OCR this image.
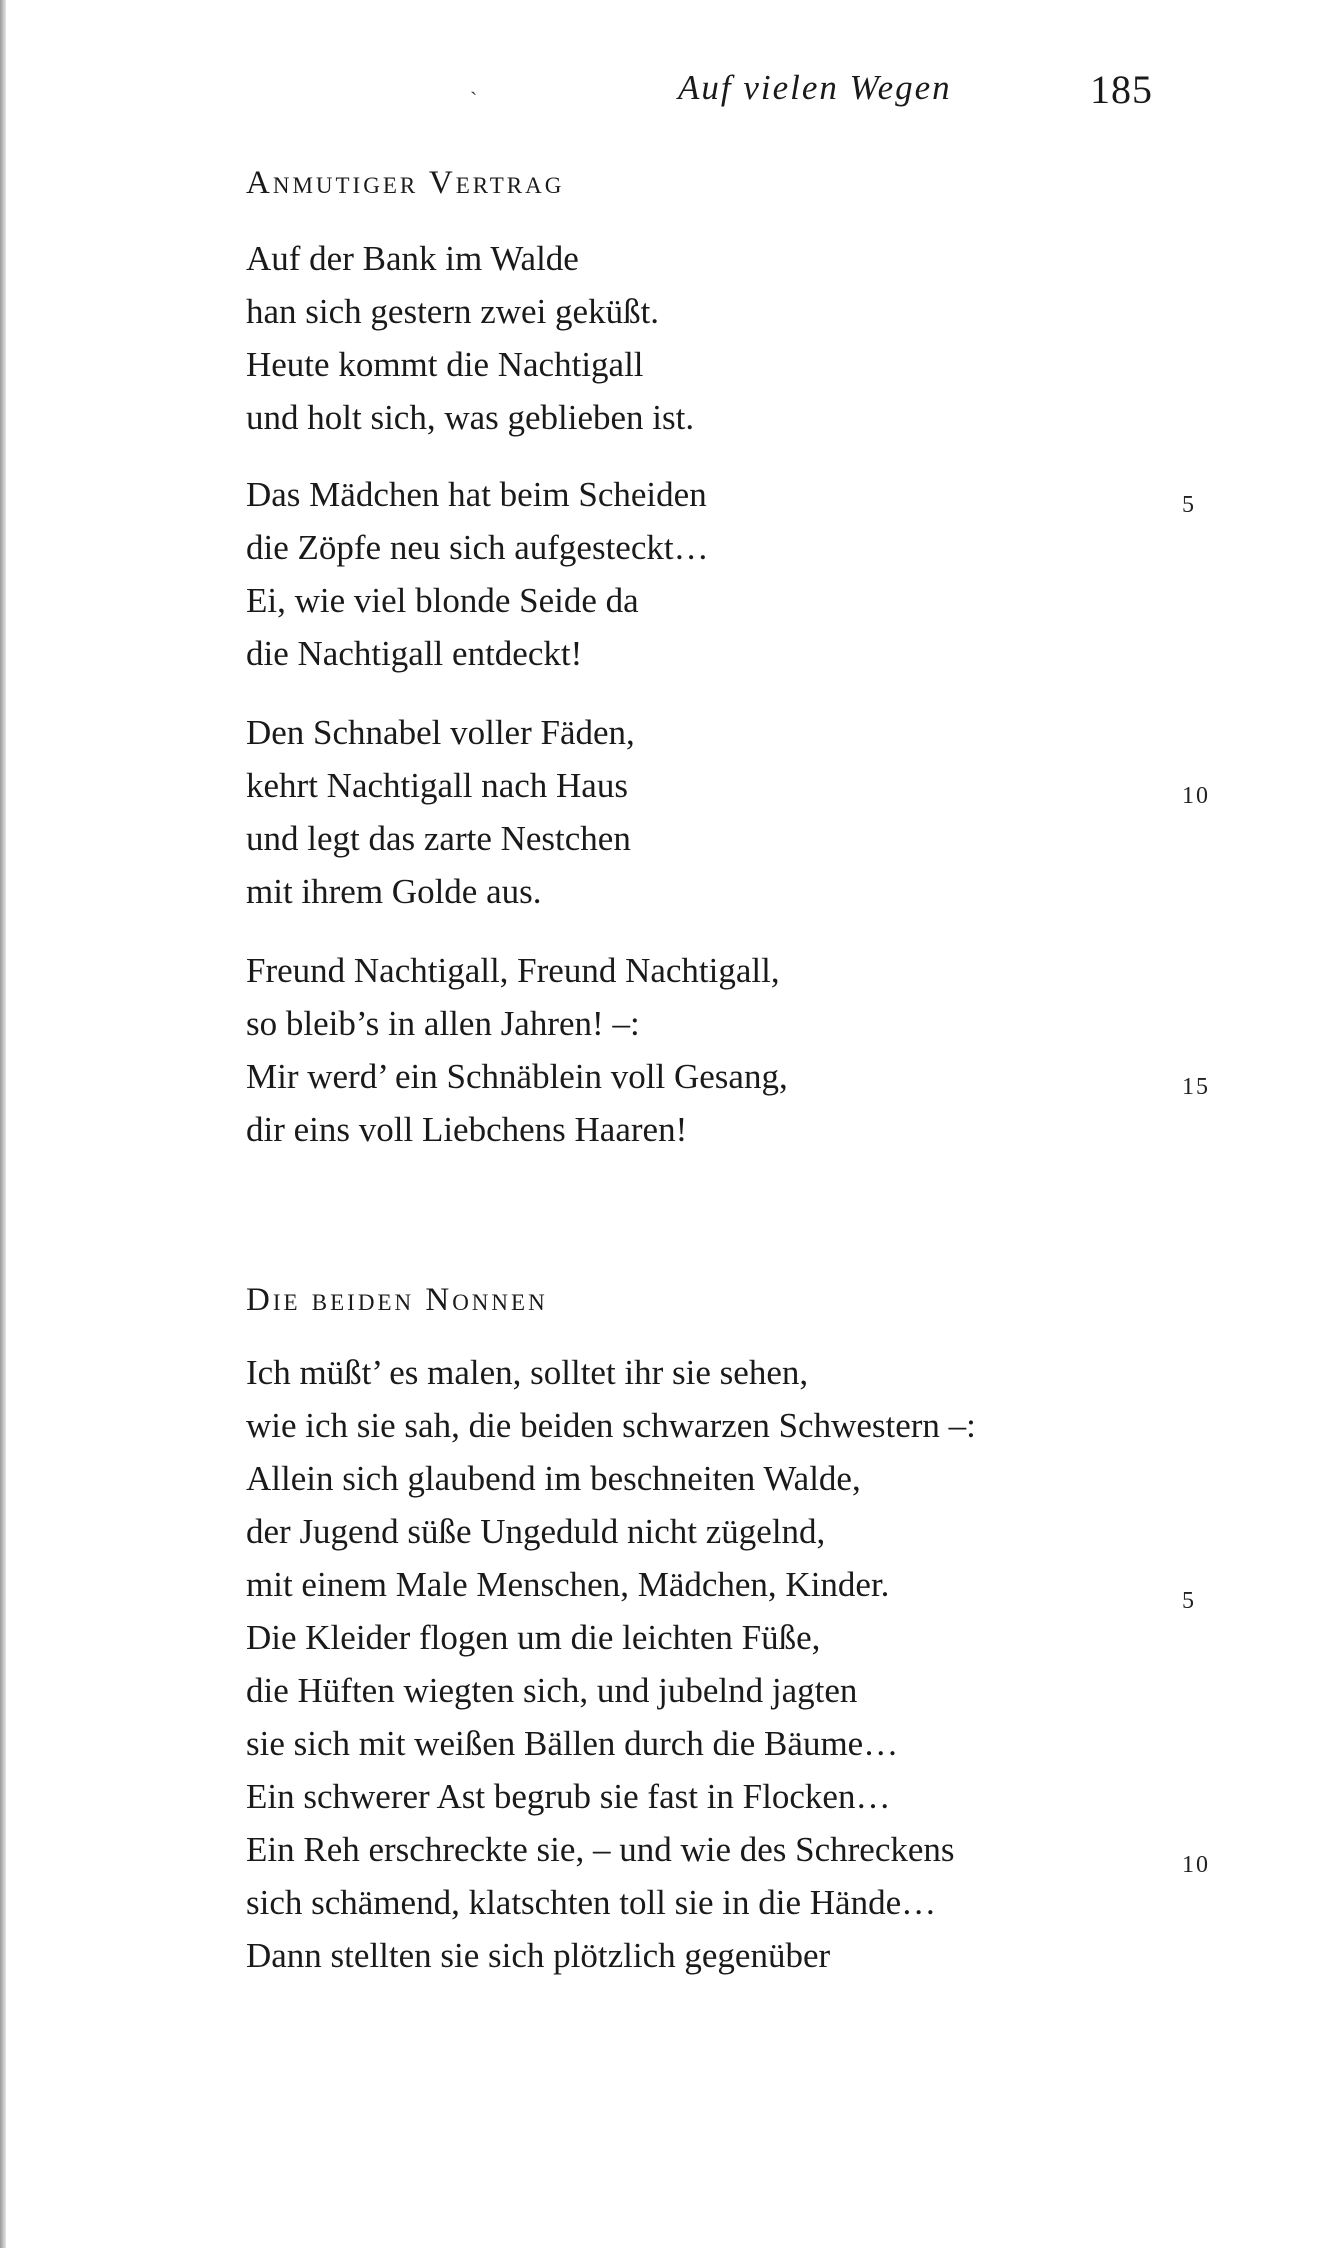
ˏ	Auf vielen Wegen	185
Anmutiger Vertrag
Auf der Bank im Walde
han sich gestern zwei geküßt.
Heute kommt die Nachtigall
und holt sich, was geblieben ist.
Das Mädchen hat beim Scheiden
die Zöpfe neu sich aufgesteckt…
Ei, wie viel blonde Seide da
die Nachtigall entdeckt!
5
Den Schnabel voller Fäden,
kehrt Nachtigall nach Haus
und legt das zarte Nestchen
mit ihrem Golde aus.
10
Freund Nachtigall, Freund Nachtigall,
so bleib’s in allen Jahren! –:
Mir werd’ ein Schnäblein voll Gesang,
dir eins voll Liebchens Haaren!
15
Die beiden Nonnen
Ich müßt’ es malen, solltet ihr sie sehen,
wie ich sie sah, die beiden schwarzen Schwestern –:
Allein sich glaubend im beschneiten Walde,
der Jugend süße Ungeduld nicht zügelnd,
mit einem Male Menschen, Mädchen, Kinder.
Die Kleider flogen um die leichten Füße,
die Hüften wiegten sich, und jubelnd jagten
sie sich mit weißen Bällen durch die Bäume…
Ein schwerer Ast begrub sie fast in Flocken…
Ein Reh erschreckte sie, – und wie des Schreckens
sich schämend, klatschten toll sie in die Hände…
Dann stellten sie sich plötzlich gegenüber
5
10
